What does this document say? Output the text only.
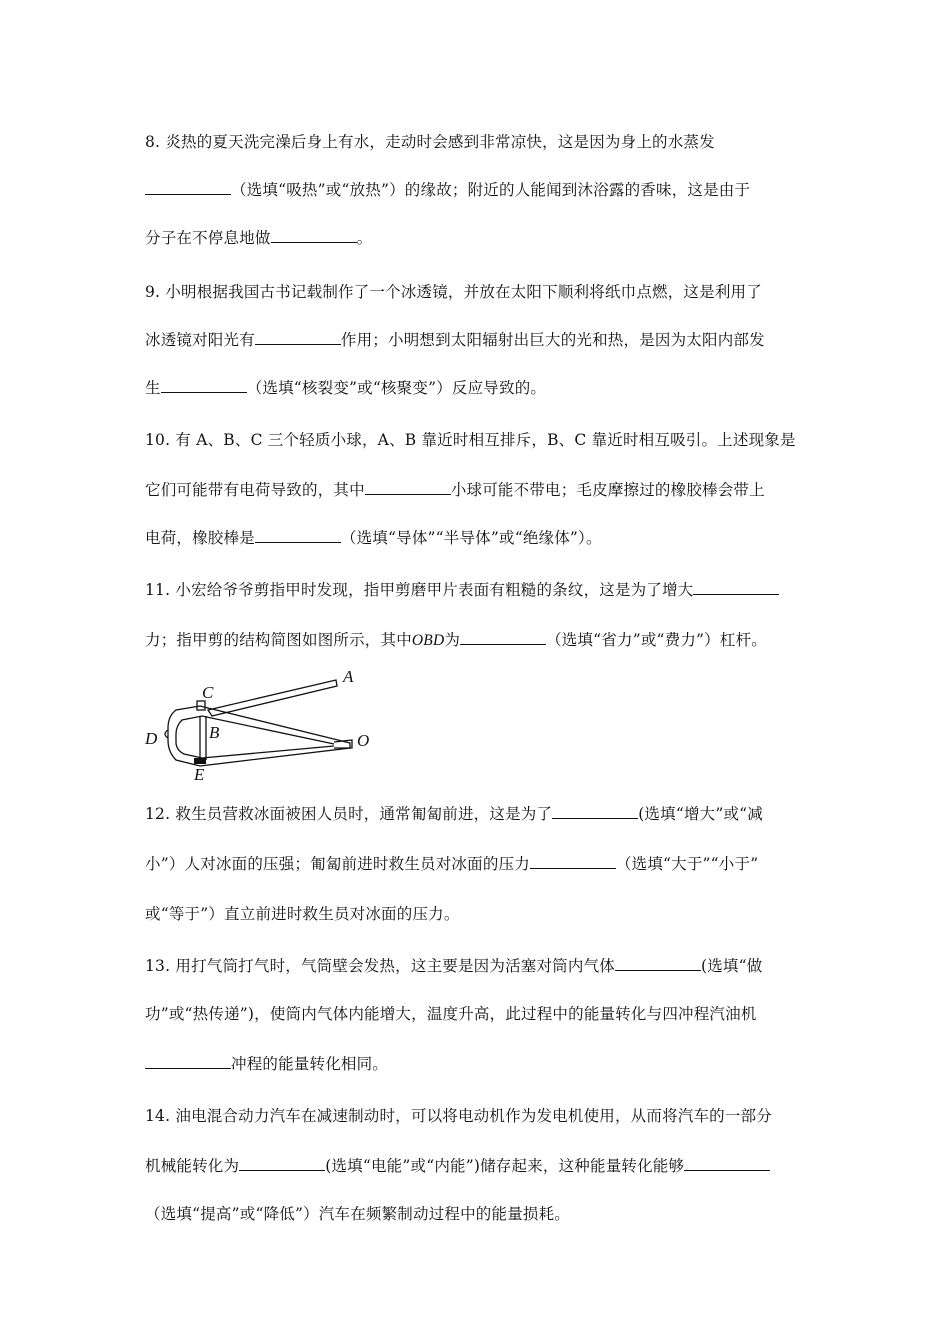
8. 炎热的夏天洗完澡后身上有水，走动时会感到非常凉快，这是因为身上的水蒸发
（选填“吸热”或“放热”）的缘故；附近的人能闻到沐浴露的香味，这是由于
分子在不停息地做	。
9. 小明根据我国古书记载制作了一个冰透镜，并放在太阳下顺利将纸巾点燃，这是利用了
冰透镜对阳光有	作用；小明想到太阳辐射出巨大的光和热，是因为太阳内部发
生	（选填“核裂变”或“核聚变”）反应导致的。
10. 有 A、B、C 三个轻质小球，A、B 靠近时相互排斥，B、C 靠近时相互吸引。上述现象是
它们可能带有电荷导致的，其中	小球可能不带电；毛皮摩擦过的橡胶棒会带上
电荷，橡胶棒是	（选填“导体”“半导体”或“绝缘体”）。
11. 小宏给爷爷剪指甲时发现，指甲剪磨甲片表面有粗糙的条纹，这是为了增大
力；指甲剪的结构简图如图所示，其中OBD为	（选填“省力”或“费力”）杠杆。
C
A
B
D	O
E
12. 救生员营救冰面被困人员时，通常匍匐前进，这是为了	(选填“增大”或“减
小”）人对冰面的压强；匍匐前进时救生员对冰面的压力	（选填“大于”“小于”
或“等于”）直立前进时救生员对冰面的压力。
13. 用打气筒打气时，气筒壁会发热，这主要是因为活塞对筒内气体	(选填“做
功”或“热传递”)，使筒内气体内能增大，温度升高，此过程中的能量转化与四冲程汽油机
冲程的能量转化相同。
14. 油电混合动力汽车在减速制动时，可以将电动机作为发电机使用，从而将汽车的一部分
机械能转化为	(选填“电能”或“内能”)储存起来，这种能量转化能够
（选填“提高”或“降低”）汽车在频繁制动过程中的能量损耗。
